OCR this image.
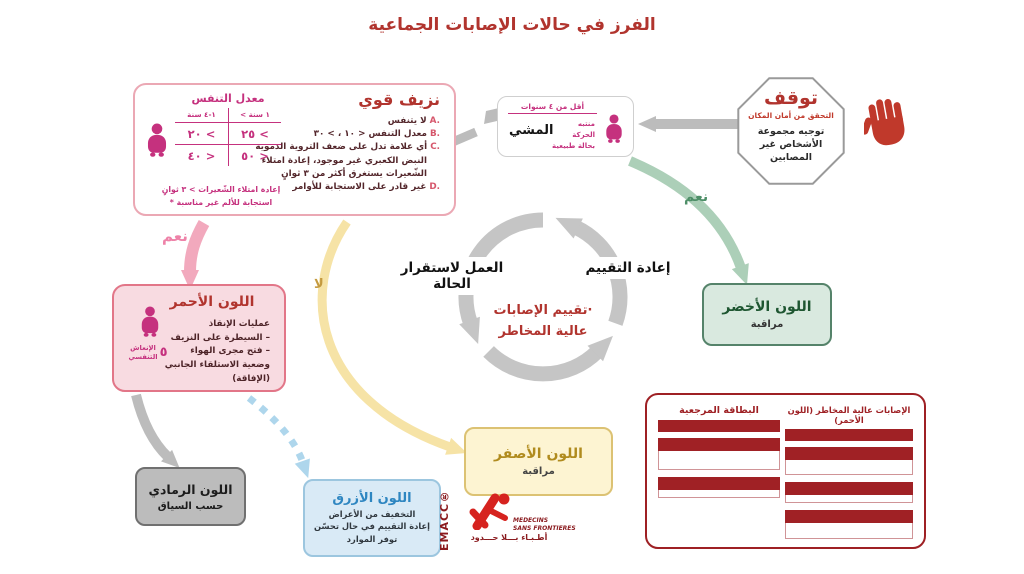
الفرز في حالات الإصابات الجماعية
توقف
التحقق من أمان المكان
توجيه مجموعة الأشخاص غير المصابين
أقل من ٤ سنوات
منتبه
الحركة
بحالة طبيعية
المشي
نعم
نعم
لا
نزيف قوي
A.لا يتنفس
B.معدل التنفس < ١٠ ، > ٣٠
C.أي علامة تدل على ضعف التروية الدموية
النبض الكعبري غير موجود، إعادة امتلاء
الشّعيرات يستغرق أكثر من ٣ ثوانٍ
D.غير قادر على الاستجابة للأوامر
معدل التنفس
< ١ سنة
١-٤ سنة
٢٥ <
٢٠ <
٥٠ >
٤٠ >
إعادة امتلاء الشّعيرات > ٣ ثوانٍ
استجابة للألم غير مناسبة *
العمل لاستقرار الحالة
إعادة التقييم
·تقييم الإصابات
عالية المخاطر
اللون الأخضر
مراقبة
اللون الأحمر
عمليات الإنقاذ
– السيطرة على النزيف
– فتح مجرى الهواء
وضعية الاستلقاء الجانبي
(الإفاقة)
٥
الإنعاش
التنفسي
اللون الرمادي
حسب السياق
اللون الأزرق
التخفيف من الأعراض
إعادة التقييم في حال تحسّن
توفر الموارد
اللون الأصفر
مراقبة
الإصابات عالية المخاطر (اللون الأحمر)
البطاقة المرجعية
EMACC®	MEDECINS
SANS FRONTIERES
أطـبـاء بـــلا حـــدود
